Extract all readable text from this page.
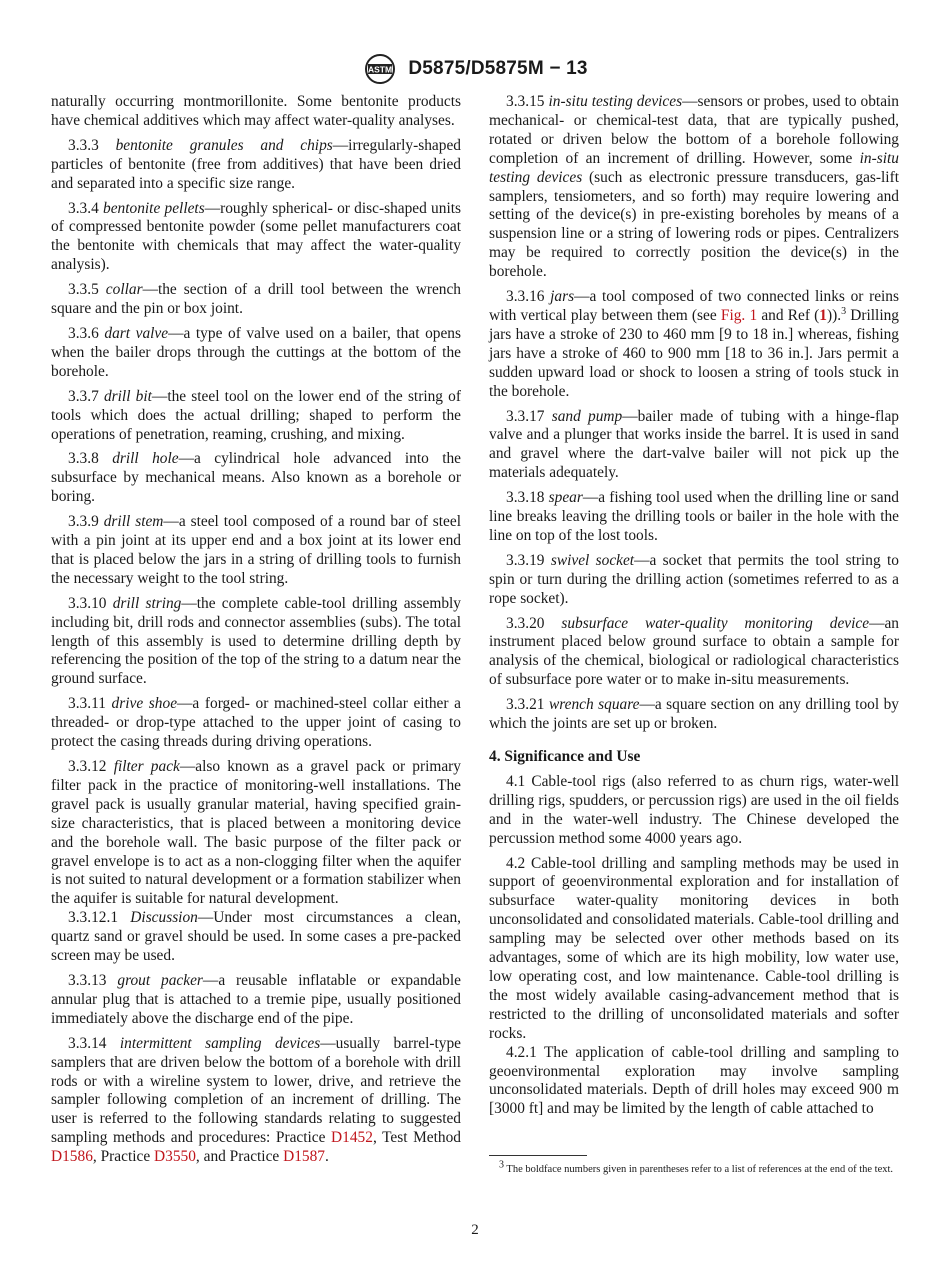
ASTM D5875/D5875M − 13

naturally occurring montmorillonite. Some bentonite products have chemical additives which may affect water-quality analyses.

3.3.3 bentonite granules and chips—irregularly-shaped particles of bentonite (free from additives) that have been dried and separated into a specific size range.

3.3.4 bentonite pellets—roughly spherical- or disc-shaped units of compressed bentonite powder (some pellet manufacturers coat the bentonite with chemicals that may affect the water-quality analysis).

3.3.5 collar—the section of a drill tool between the wrench square and the pin or box joint.

3.3.6 dart valve—a type of valve used on a bailer, that opens when the bailer drops through the cuttings at the bottom of the borehole.

3.3.7 drill bit—the steel tool on the lower end of the string of tools which does the actual drilling; shaped to perform the operations of penetration, reaming, crushing, and mixing.

3.3.8 drill hole—a cylindrical hole advanced into the subsurface by mechanical means. Also known as a borehole or boring.

3.3.9 drill stem—a steel tool composed of a round bar of steel with a pin joint at its upper end and a box joint at its lower end that is placed below the jars in a string of drilling tools to furnish the necessary weight to the tool string.

3.3.10 drill string—the complete cable-tool drilling assembly including bit, drill rods and connector assemblies (subs). The total length of this assembly is used to determine drilling depth by referencing the position of the top of the string to a datum near the ground surface.

3.3.11 drive shoe—a forged- or machined-steel collar either a threaded- or drop-type attached to the upper joint of casing to protect the casing threads during driving operations.

3.3.12 filter pack—also known as a gravel pack or primary filter pack in the practice of monitoring-well installations. The gravel pack is usually granular material, having specified grain-size characteristics, that is placed between a monitoring device and the borehole wall. The basic purpose of the filter pack or gravel envelope is to act as a non-clogging filter when the aquifer is not suited to natural development or a formation stabilizer when the aquifer is suitable for natural development.

3.3.12.1 Discussion—Under most circumstances a clean, quartz sand or gravel should be used. In some cases a pre-packed screen may be used.

3.3.13 grout packer—a reusable inflatable or expandable annular plug that is attached to a tremie pipe, usually positioned immediately above the discharge end of the pipe.

3.3.14 intermittent sampling devices—usually barrel-type samplers that are driven below the bottom of a borehole with drill rods or with a wireline system to lower, drive, and retrieve the sampler following completion of an increment of drilling. The user is referred to the following standards relating to suggested sampling methods and procedures: Practice D1452, Test Method D1586, Practice D3550, and Practice D1587.

3.3.15 in-situ testing devices—sensors or probes, used to obtain mechanical- or chemical-test data, that are typically pushed, rotated or driven below the bottom of a borehole following completion of an increment of drilling. However, some in-situ testing devices (such as electronic pressure transducers, gas-lift samplers, tensiometers, and so forth) may require lowering and setting of the device(s) in pre-existing boreholes by means of a suspension line or a string of lowering rods or pipes. Centralizers may be required to correctly position the device(s) in the borehole.

3.3.16 jars—a tool composed of two connected links or reins with vertical play between them (see Fig. 1 and Ref (1)).$^3$ Drilling jars have a stroke of 230 to 460 mm [9 to 18 in.] whereas, fishing jars have a stroke of 460 to 900 mm [18 to 36 in.]. Jars permit a sudden upward load or shock to loosen a string of tools stuck in the borehole.

3.3.17 sand pump—bailer made of tubing with a hinge-flap valve and a plunger that works inside the barrel. It is used in sand and gravel where the dart-valve bailer will not pick up the materials adequately.

3.3.18 spear—a fishing tool used when the drilling line or sand line breaks leaving the drilling tools or bailer in the hole with the line on top of the lost tools.

3.3.19 swivel socket—a socket that permits the tool string to spin or turn during the drilling action (sometimes referred to as a rope socket).

3.3.20 subsurface water-quality monitoring device—an instrument placed below ground surface to obtain a sample for analysis of the chemical, biological or radiological characteristics of subsurface pore water or to make in-situ measurements.

3.3.21 wrench square—a square section on any drilling tool by which the joints are set up or broken.

4. Significance and Use

4.1 Cable-tool rigs (also referred to as churn rigs, water-well drilling rigs, spudders, or percussion rigs) are used in the oil fields and in the water-well industry. The Chinese developed the percussion method some 4000 years ago.

4.2 Cable-tool drilling and sampling methods may be used in support of geoenvironmental exploration and for installation of subsurface water-quality monitoring devices in both unconsolidated and consolidated materials. Cable-tool drilling and sampling may be selected over other methods based on its advantages, some of which are its high mobility, low water use, low operating cost, and low maintenance. Cable-tool drilling is the most widely available casing-advancement method that is restricted to the drilling of unconsolidated materials and softer rocks.

4.2.1 The application of cable-tool drilling and sampling to geoenvironmental exploration may involve sampling unconsolidated materials. Depth of drill holes may exceed 900 m [3000 ft] and may be limited by the length of cable attached to

$^3$ The boldface numbers given in parentheses refer to a list of references at the end of the text.
2
